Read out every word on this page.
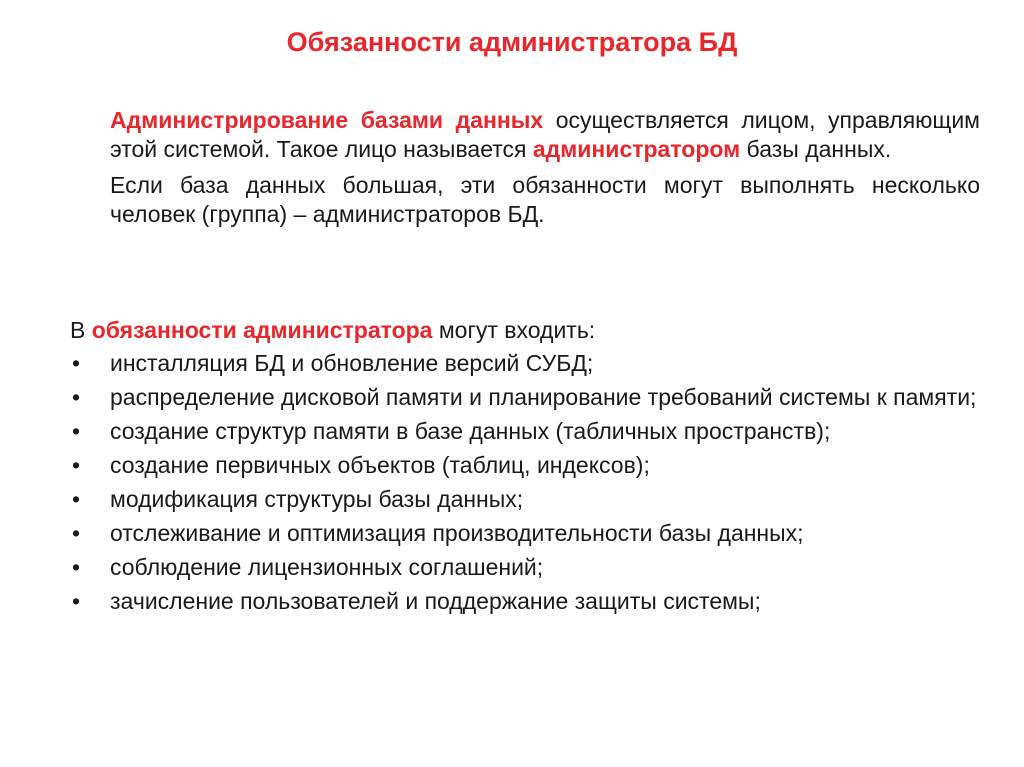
Обязанности администратора БД

Администрирование базами данных осуществляется лицом, управляющим этой системой. Такое лицо называется администратором базы данных.

Если база данных большая, эти обязанности могут выполнять несколько человек (группа) – администраторов БД.

В обязанности администратора могут входить:

• инсталляция БД и обновление версий СУБД;
• распределение дисковой памяти и планирование требований системы к памяти;
• создание структур памяти в базе данных (табличных пространств);
• создание первичных объектов (таблиц, индексов);
• модификация структуры базы данных;
• отслеживание и оптимизация производительности базы данных;
• соблюдение лицензионных соглашений;
• зачисление пользователей и поддержание защиты системы;
